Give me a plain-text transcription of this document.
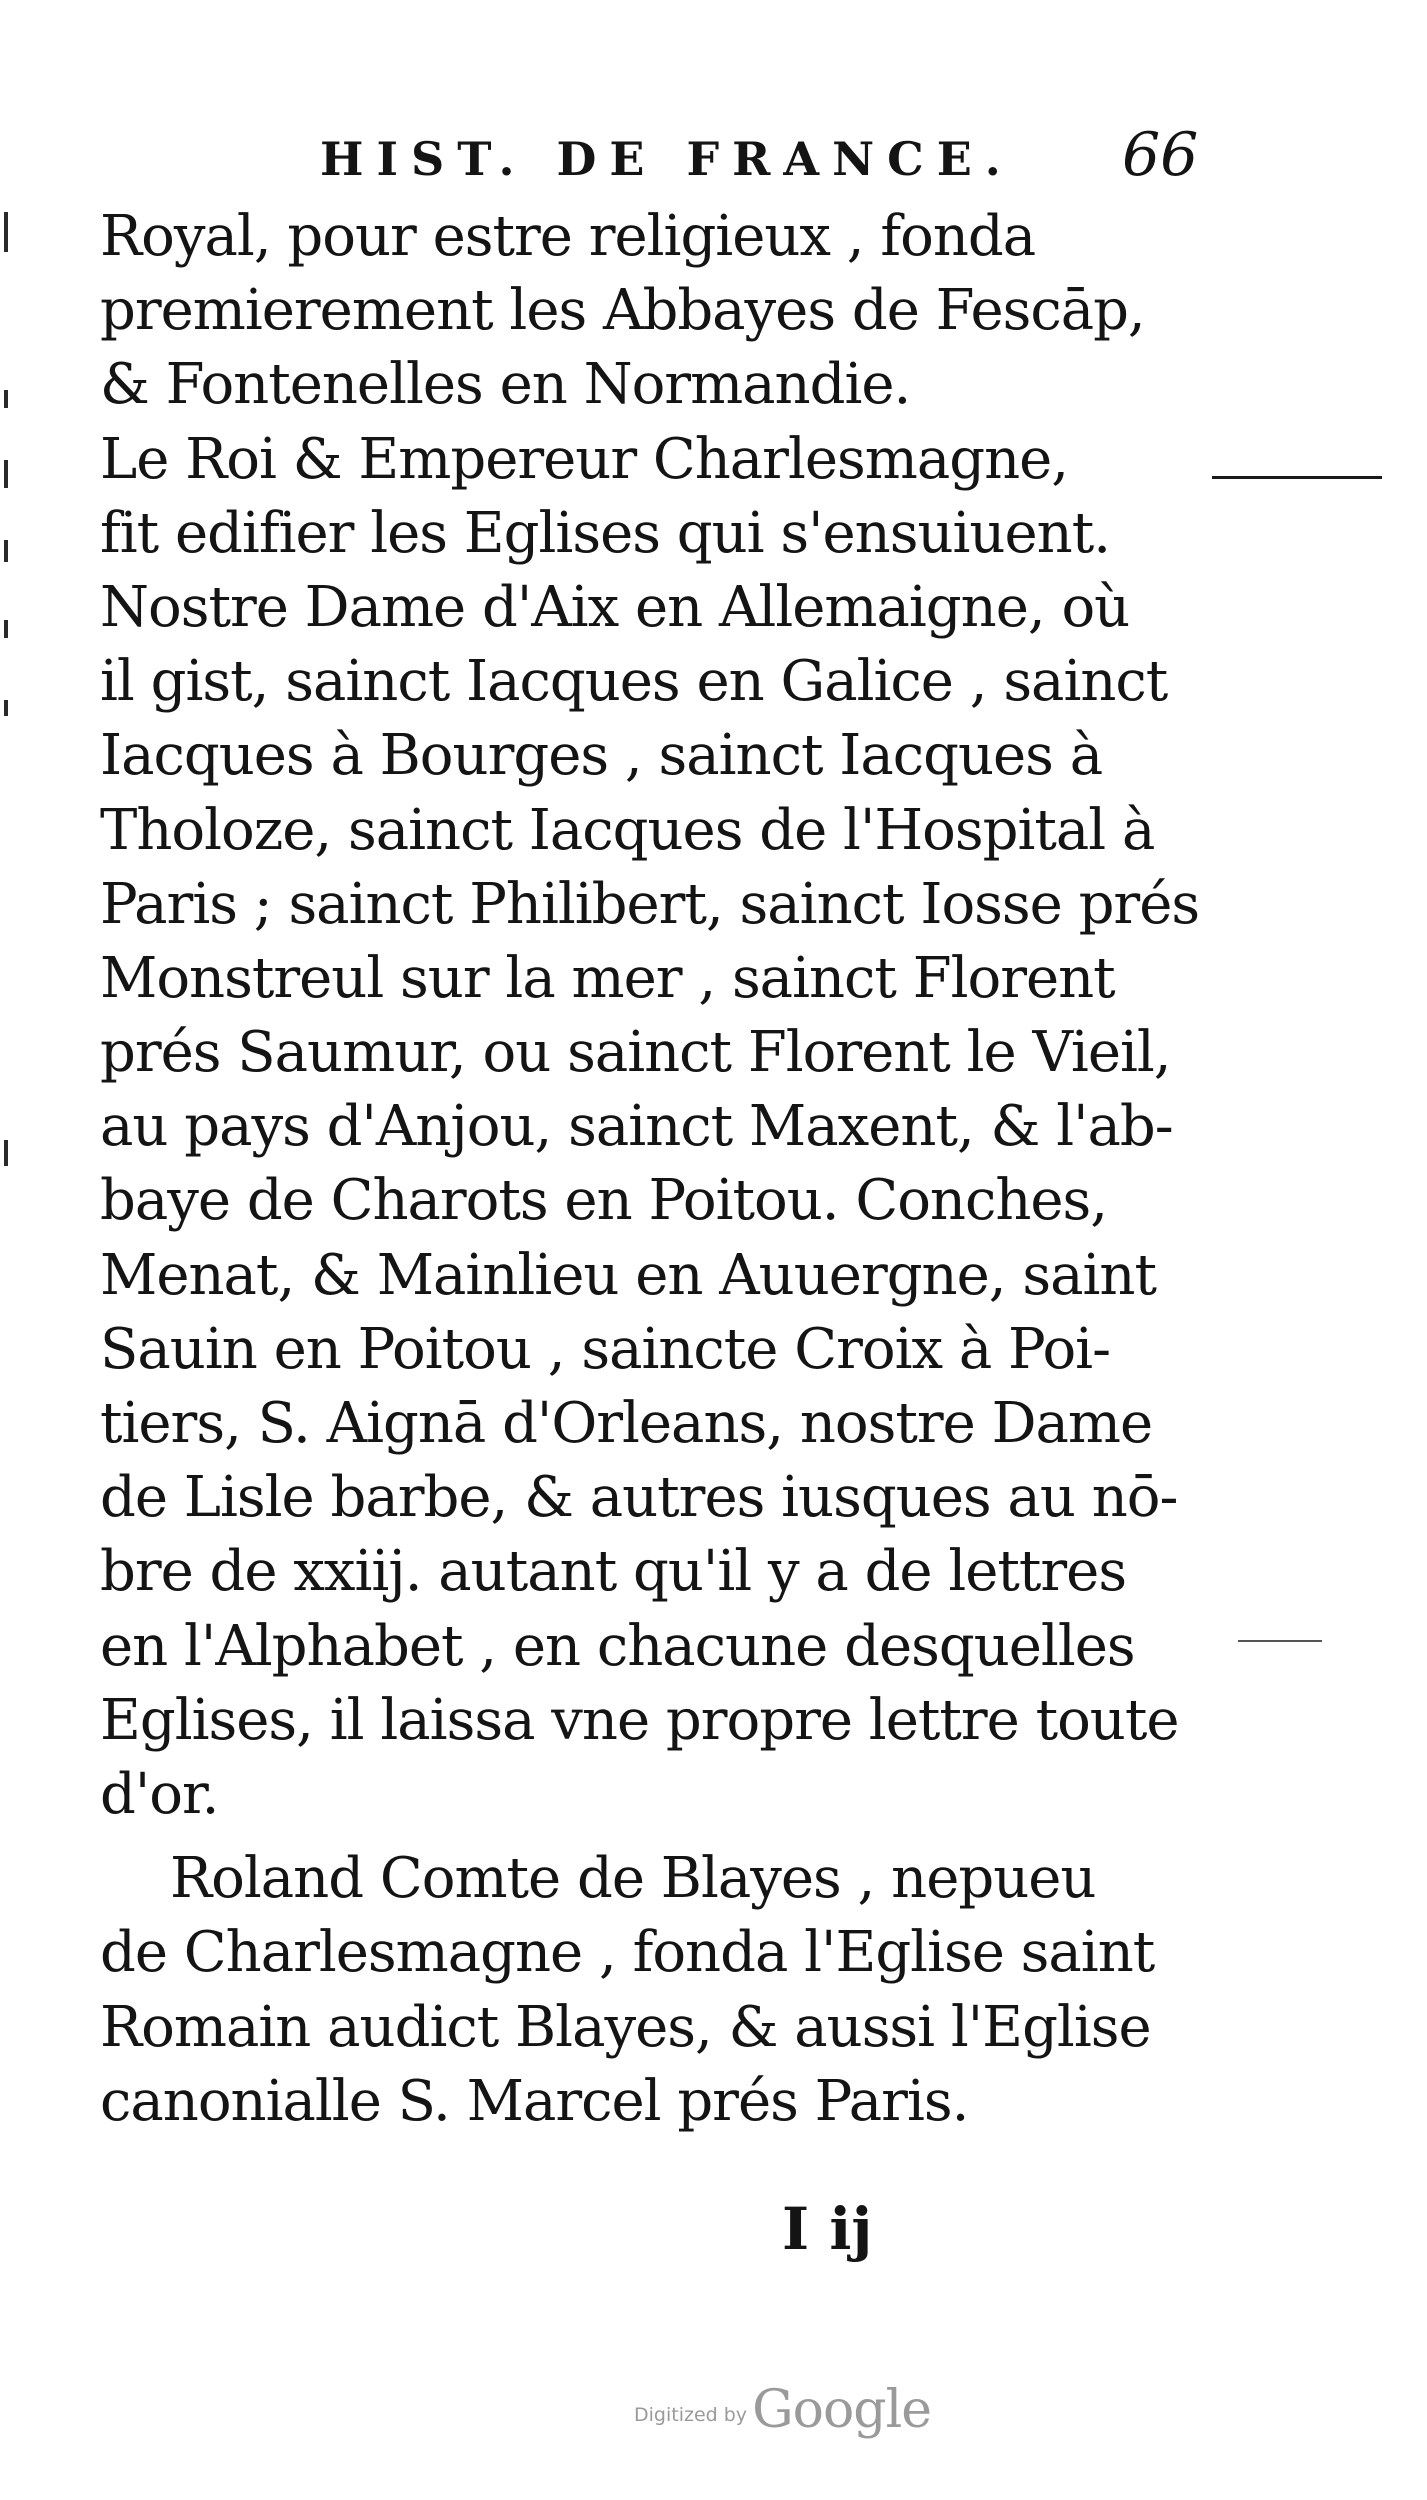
HIST. DE FRANCE. 66
Royal, pour estre religieux , fonda
premierement les Abbayes de Fescāp,
& Fontenelles en Normandie.
Le Roi & Empereur Charlesmagne,
fit edifier les Eglises qui s'ensuiuent.
Nostre Dame d'Aix en Allemaigne, où
il gist, sainct Iacques en Galice , sainct
Iacques à Bourges , sainct Iacques à
Tholoze, sainct Iacques de l'Hospital à
Paris ; sainct Philibert, sainct Iosse prés
Monstreul sur la mer , sainct Florent
prés Saumur, ou sainct Florent le Vieil,
au pays d'Anjou, sainct Maxent, & l'ab-
baye de Charots en Poitou. Conches,
Menat, & Mainlieu en Auuergne, saint
Sauin en Poitou , saincte Croix à Poi-
tiers, S. Aignā d'Orleans, nostre Dame
de Lisle barbe, & autres iusques au nō-
bre de xxiij. autant qu'il y a de lettres
en l'Alphabet , en chacune desquelles
Eglises, il laissa vne propre lettre toute
d'or.
Roland Comte de Blayes , nepueu
de Charlesmagne , fonda l'Eglise saint
Romain audict Blayes, & aussi l'Eglise
canonialle S. Marcel prés Paris.
I ij
Digitized by Google
